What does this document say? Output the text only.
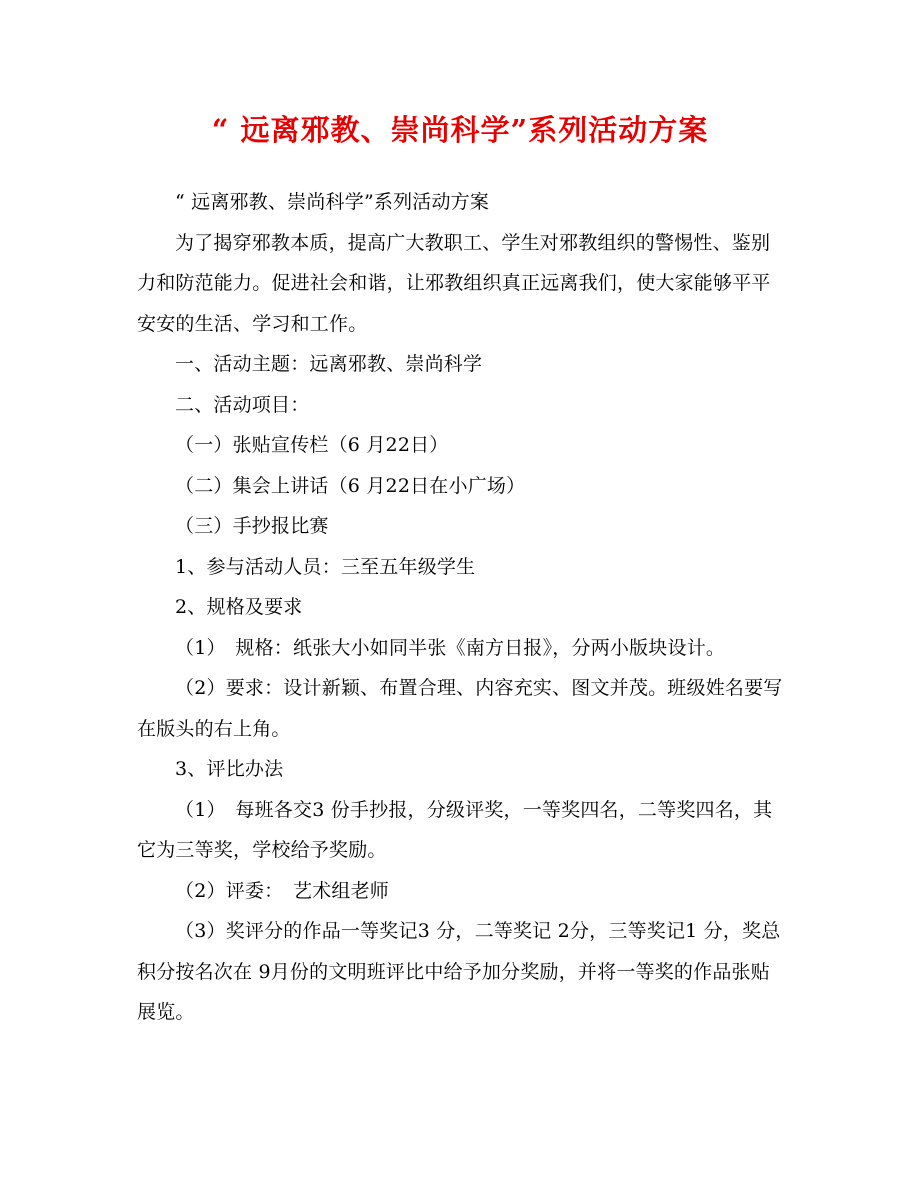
“ 远离邪教、崇尚科学”系列活动方案

“ 远离邪教、崇尚科学”系列活动方案

为了揭穿邪教本质，提高广大教职工、学生对邪教组织的警惕性、鉴别力和防范能力。促进社会和谐，让邪教组织真正远离我们，使大家能够平平安安的生活、学习和工作。

一、活动主题：远离邪教、崇尚科学

二、活动项目：

（一）张贴宣传栏（6 月22日）

（二）集会上讲话（6 月22日在小广场）

（三）手抄报比赛

1、参与活动人员：三至五年级学生

2、规格及要求

（1）　规格：纸张大小如同半张《南方日报》，分两小版块设计。

（2）要求：设计新颖、布置合理、内容充实、图文并茂。班级姓名要写在版头的右上角。

3、评比办法

（1）　每班各交3 份手抄报，分级评奖，一等奖四名，二等奖四名，其它为三等奖，学校给予奖励。

（2）评委：　艺术组老师

（3）奖评分的作品一等奖记3 分，二等奖记 2分，三等奖记1 分，奖总积分按名次在 9月份的文明班评比中给予加分奖励，并将一等奖的作品张贴展览。
